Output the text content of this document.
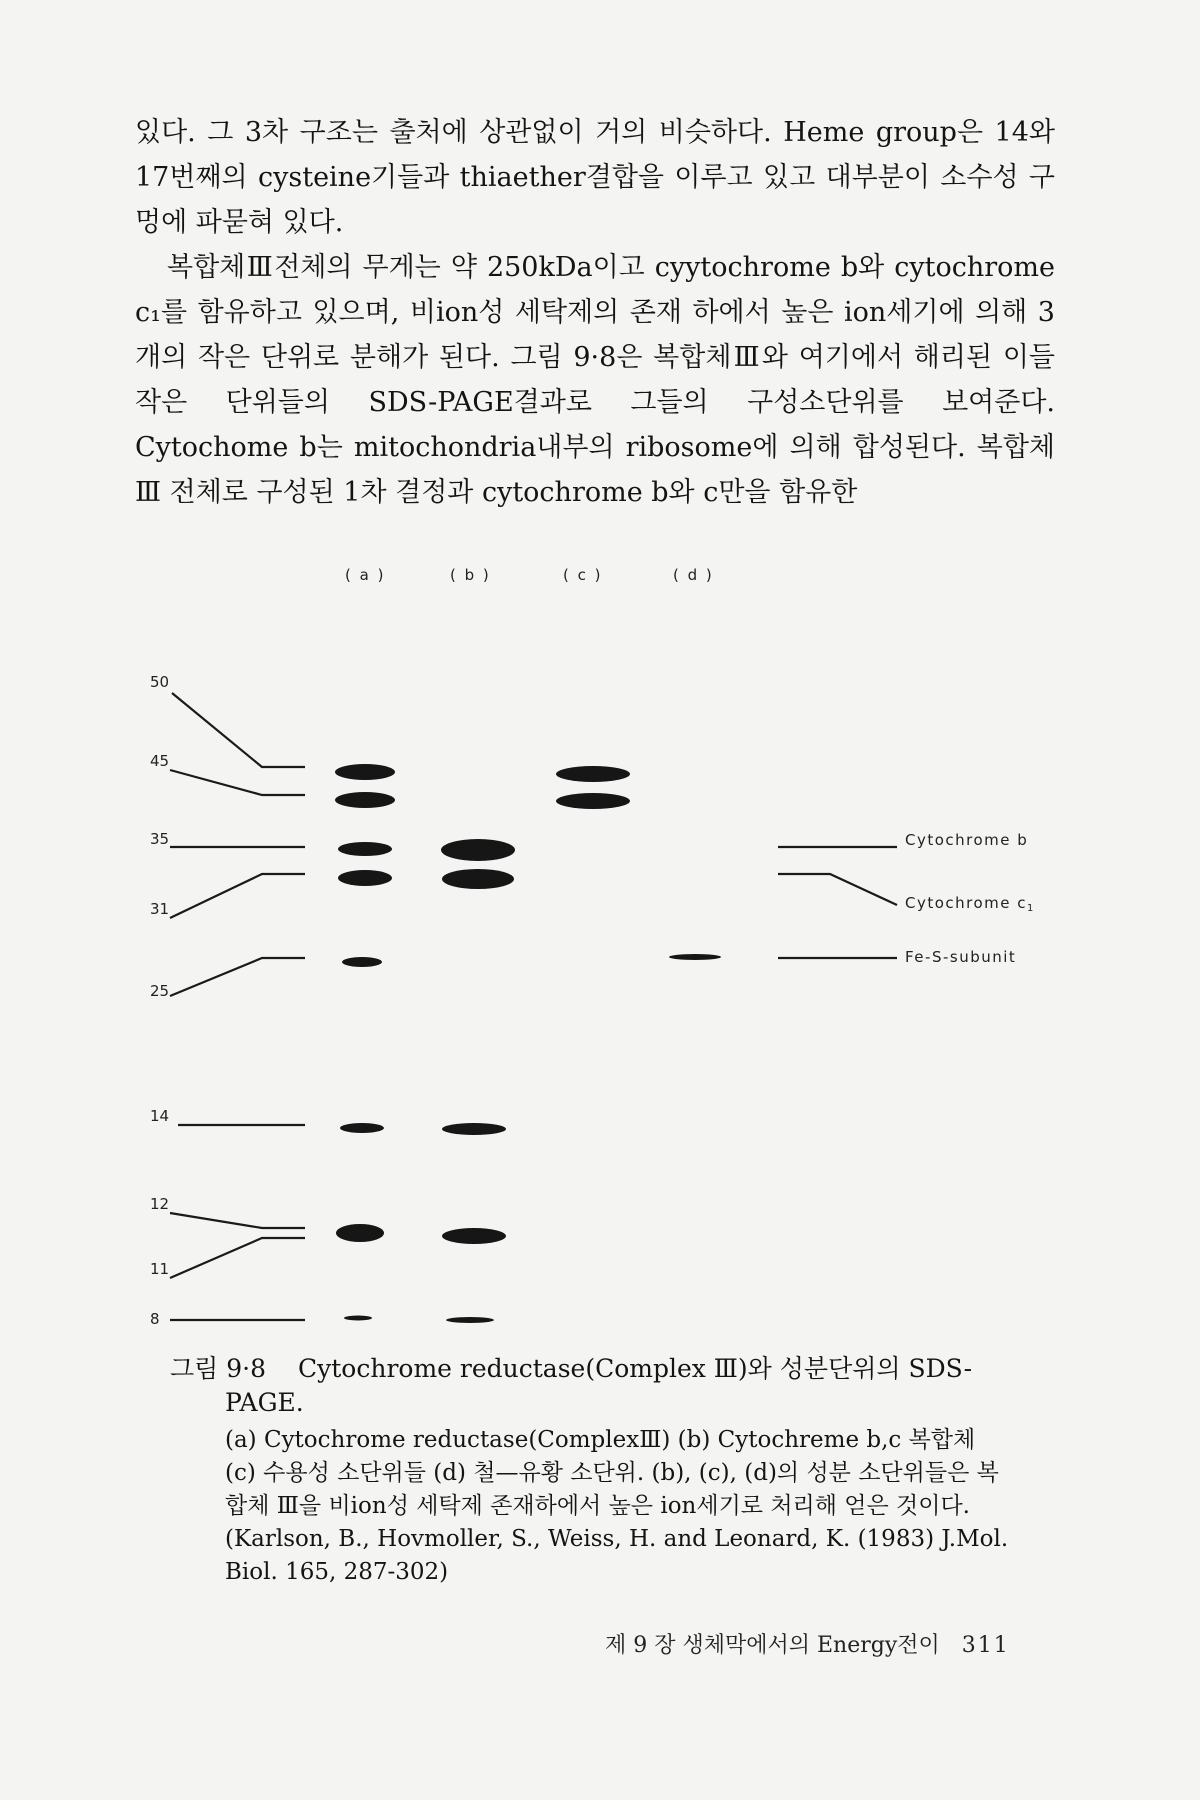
있다. 그 3차 구조는 출처에 상관없이 거의 비슷하다. Heme group은 14와 17번째의 cysteine기들과 thiaether결합을 이루고 있고 대부분이 소수성 구멍에 파묻혀 있다.

복합체Ⅲ전체의 무게는 약 250kDa이고 cyytochrome b와 cytochrome c₁를 함유하고 있으며, 비ion성 세탁제의 존재 하에서 높은 ion세기에 의해 3개의 작은 단위로 분해가 된다. 그림 9·8은 복합체Ⅲ와 여기에서 해리된 이들 작은 단위들의 SDS-PAGE결과로 그들의 구성소단위를 보여준다. Cytochome b는 mitochondria내부의 ribosome에 의해 합성된다. 복합체Ⅲ 전체로 구성된 1차 결정과 cytochrome b와 c만을 함유한

( a )	( b )	( c )	( d )
50
45
35
31
25
14
12
11
8
Cytochrome b
Cytochrome $c_1$
Fe-S-subunit

그림 9·8 Cytochrome reductase(Complex Ⅲ)와 성분단위의 SDS-

PAGE.

(a) Cytochrome reductase(ComplexⅢ) (b) Cytochreme b,c 복합체 (c) 수용성 소단위들 (d) 철—유황 소단위. (b), (c), (d)의 성분 소단위들은 복합체 Ⅲ을 비ion성 세탁제 존재하에서 높은 ion세기로 처리해 얻은 것이다. (Karlson, B., Hovmoller, S., Weiss, H. and Leonard, K. (1983) J.Mol. Biol. 165, 287-302)

제 9 장 생체막에서의 Energy전이 311
